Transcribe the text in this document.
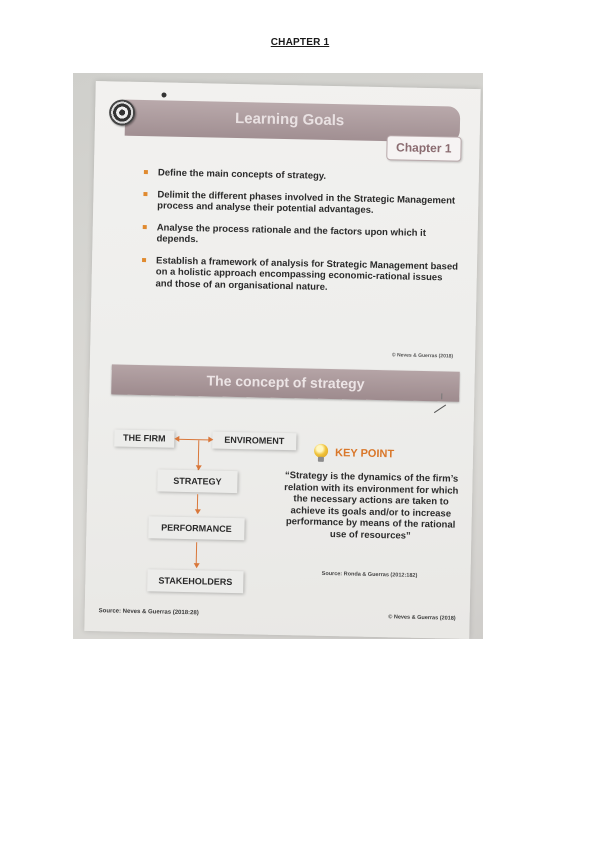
CHAPTER 1
Learning Goals
Chapter 1
Define the main concepts of strategy.
Delimit the different phases involved in the Strategic Management process and analyse their potential advantages.
Analyse the process rationale and the factors upon which it depends.
Establish a framework of analysis for Strategic Management based on a holistic approach encompassing economic-rational issues and those of an organisational nature.
© Neves & Guerras (2018)
The concept of strategy
THE FIRM	ENVIROMENT
STRATEGY
PERFORMANCE
STAKEHOLDERS
KEY POINT
“Strategy is the dynamics of the firm’s relation with its environment for which the necessary actions are taken to achieve its goals and/or to increase performance by means of the rational use of resources”
Source: Ronda & Guerras (2012:182)
Source: Neves & Guerras (2018:28)
© Neves & Guerras (2018)
